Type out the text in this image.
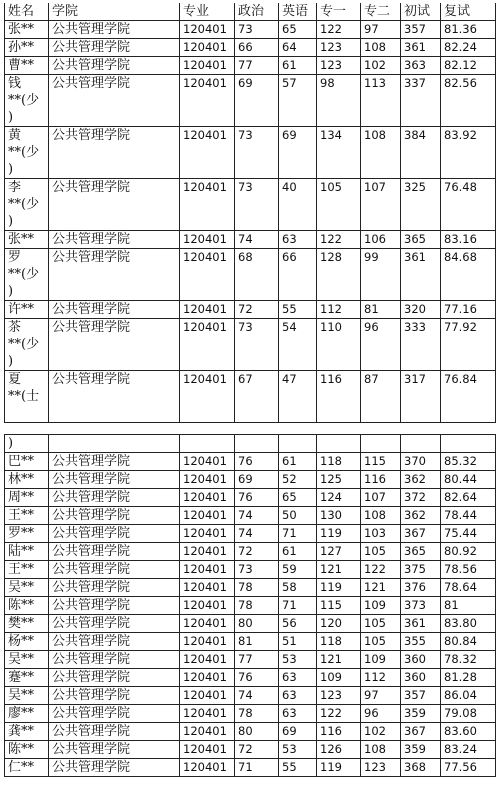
姓名	学院	专业	政治	英语	专一	专二	初试	复试
张**	公共管理学院	120401	73	65	122	97	357	81.36
孙**	公共管理学院	120401	66	64	123	108	361	82.24
曹**	公共管理学院	120401	77	61	123	102	363	82.12
钱
**(少
)	公共管理学院	120401	69	57	98	113	337	82.56
黄
**(少
)	公共管理学院	120401	73	69	134	108	384	83.92
李
**(少
)	公共管理学院	120401	73	40	105	107	325	76.48
张**	公共管理学院	120401	74	63	122	106	365	83.16
罗
**(少
)	公共管理学院	120401	68	66	128	99	361	84.68
许**	公共管理学院	120401	72	55	112	81	320	77.16
茶
**(少
)	公共管理学院	120401	73	54	110	96	333	77.92
夏
**(士	公共管理学院	120401	67	47	116	87	317	76.84
)								
巴**	公共管理学院	120401	76	61	118	115	370	85.32
林**	公共管理学院	120401	69	52	125	116	362	80.44
周**	公共管理学院	120401	76	65	124	107	372	82.64
王**	公共管理学院	120401	74	50	130	108	362	78.44
罗**	公共管理学院	120401	74	71	119	103	367	75.44
陆**	公共管理学院	120401	72	61	127	105	365	80.92
王**	公共管理学院	120401	73	59	121	122	375	78.56
吴**	公共管理学院	120401	78	58	119	121	376	78.64
陈**	公共管理学院	120401	78	71	115	109	373	81
樊**	公共管理学院	120401	80	56	120	105	361	83.80
杨**	公共管理学院	120401	81	51	118	105	355	80.84
吴**	公共管理学院	120401	77	53	121	109	360	78.32
蹇**	公共管理学院	120401	76	63	109	112	360	81.28
吴**	公共管理学院	120401	74	63	123	97	357	86.04
廖**	公共管理学院	120401	78	63	122	96	359	79.08
龚**	公共管理学院	120401	80	69	116	102	367	83.60
陈**	公共管理学院	120401	72	53	126	108	359	83.24
仁**	公共管理学院	120401	71	55	119	123	368	77.56
